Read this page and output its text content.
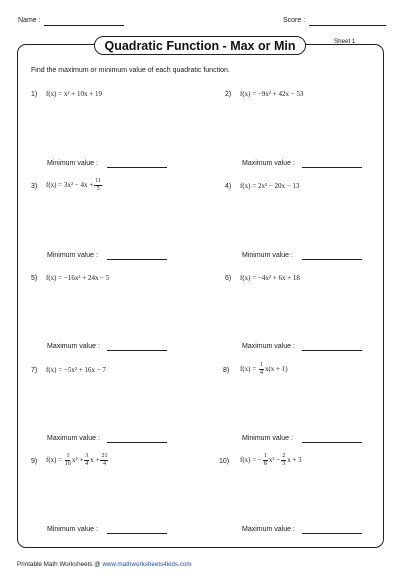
Name :	Score :
Quadratic Function - Max or Min	Sheet 1
Find the maximum or minimum value of each quadratic function.
1) f(x) =
x² + 10x + 19	2) f(x) =
−9x² + 42x − 53
Minimum value :	Maximum value :
3) f(x) =
$3x^2 - 4x + \frac{11}{5}$	4) f(x) =
2x² − 20x − 13
Minimum value :	Minimum value :
5) f(x) =
−16x² + 24x − 5	6) f(x) =
−4x² + 6x + 18
Maximum value :	Maximum value :
7) f(x) =
−5x² + 16x − 7	8) f(x) =
$\frac{1}{4} x(x + 1)$
Maximum value :	Minimum value :
9) f(x) =
$\frac{1}{16} x^2 + \frac{3}{4}$ $x + \frac{21}{4}$	10) f(x) = − $\frac{1}{8} x^2 - \frac{2}{3}$ x + 3
Minimum value :	Maximum value :
Printable Math Worksheets @ www.mathworksheets4kids.com
